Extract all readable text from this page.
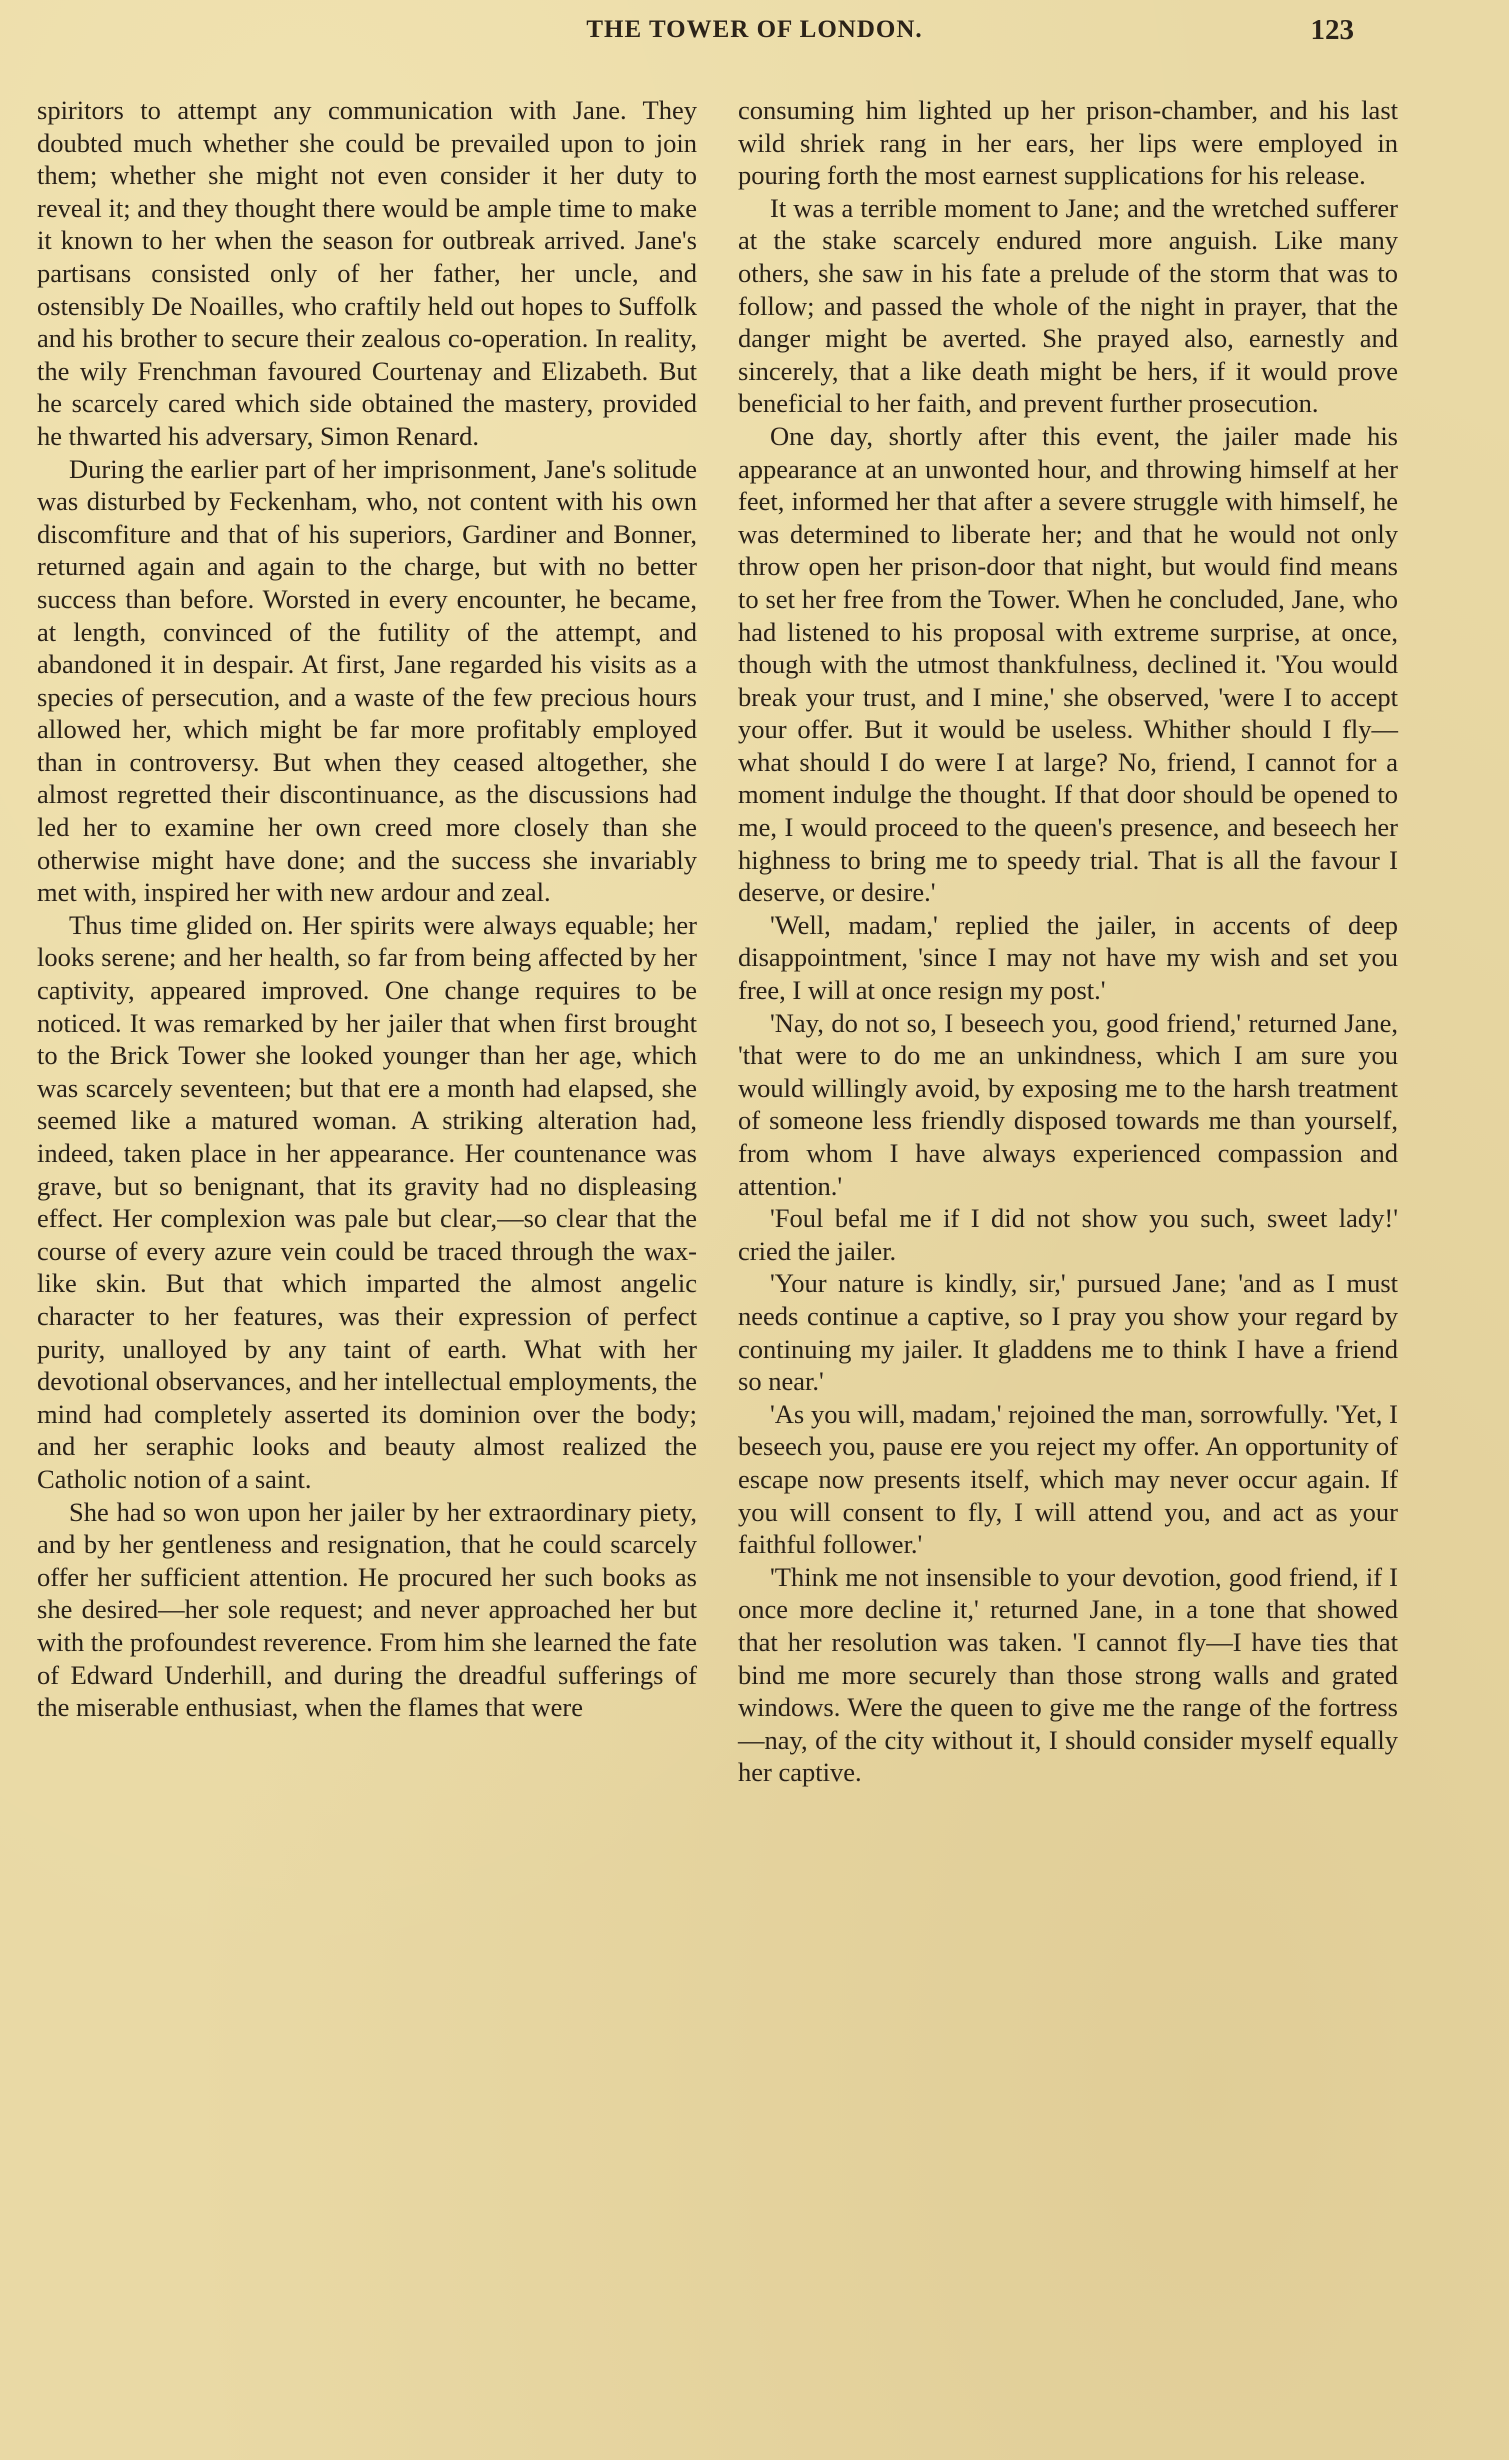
THE TOWER OF LONDON.	123

spiritors to attempt any communication with Jane. They doubted much whether she could be prevailed upon to join them; whether she might not even consider it her duty to reveal it; and they thought there would be ample time to make it known to her when the season for outbreak arrived. Jane's partisans consisted only of her father, her uncle, and ostensibly De Noailles, who craftily held out hopes to Suffolk and his brother to secure their zealous co-operation. In reality, the wily Frenchman favoured Courtenay and Elizabeth. But he scarcely cared which side obtained the mastery, provided he thwarted his adversary, Simon Renard.

During the earlier part of her imprisonment, Jane's solitude was disturbed by Feckenham, who, not content with his own discomfiture and that of his superiors, Gardiner and Bonner, returned again and again to the charge, but with no better success than before. Worsted in every encounter, he became, at length, convinced of the futility of the attempt, and abandoned it in despair. At first, Jane regarded his visits as a species of persecution, and a waste of the few precious hours allowed her, which might be far more profitably employed than in controversy. But when they ceased altogether, she almost regretted their discontinuance, as the discussions had led her to examine her own creed more closely than she otherwise might have done; and the success she invariably met with, inspired her with new ardour and zeal.

Thus time glided on. Her spirits were always equable; her looks serene; and her health, so far from being affected by her captivity, appeared improved. One change requires to be noticed. It was remarked by her jailer that when first brought to the Brick Tower she looked younger than her age, which was scarcely seventeen; but that ere a month had elapsed, she seemed like a matured woman. A striking alteration had, indeed, taken place in her appearance. Her countenance was grave, but so benignant, that its gravity had no displeasing effect. Her complexion was pale but clear,—so clear that the course of every azure vein could be traced through the wax-like skin. But that which imparted the almost angelic character to her features, was their expression of perfect purity, unalloyed by any taint of earth. What with her devotional observances, and her intellectual employments, the mind had completely asserted its dominion over the body; and her seraphic looks and beauty almost realized the Catholic notion of a saint.

She had so won upon her jailer by her extraordinary piety, and by her gentleness and resignation, that he could scarcely offer her sufficient attention. He procured her such books as she desired—her sole request; and never approached her but with the profoundest reverence. From him she learned the fate of Edward Underhill, and during the dreadful sufferings of the miserable enthusiast, when the flames that were

consuming him lighted up her prison-chamber, and his last wild shriek rang in her ears, her lips were employed in pouring forth the most earnest supplications for his release.

It was a terrible moment to Jane; and the wretched sufferer at the stake scarcely endured more anguish. Like many others, she saw in his fate a prelude of the storm that was to follow; and passed the whole of the night in prayer, that the danger might be averted. She prayed also, earnestly and sincerely, that a like death might be hers, if it would prove beneficial to her faith, and prevent further prosecution.

One day, shortly after this event, the jailer made his appearance at an unwonted hour, and throwing himself at her feet, informed her that after a severe struggle with himself, he was determined to liberate her; and that he would not only throw open her prison-door that night, but would find means to set her free from the Tower. When he concluded, Jane, who had listened to his proposal with extreme surprise, at once, though with the utmost thankfulness, declined it. 'You would break your trust, and I mine,' she observed, 'were I to accept your offer. But it would be useless. Whither should I fly—what should I do were I at large? No, friend, I cannot for a moment indulge the thought. If that door should be opened to me, I would proceed to the queen's presence, and beseech her highness to bring me to speedy trial. That is all the favour I deserve, or desire.'

'Well, madam,' replied the jailer, in accents of deep disappointment, 'since I may not have my wish and set you free, I will at once resign my post.'

'Nay, do not so, I beseech you, good friend,' returned Jane, 'that were to do me an unkindness, which I am sure you would willingly avoid, by exposing me to the harsh treatment of someone less friendly disposed towards me than yourself, from whom I have always experienced compassion and attention.'

'Foul befal me if I did not show you such, sweet lady!' cried the jailer.

'Your nature is kindly, sir,' pursued Jane; 'and as I must needs continue a captive, so I pray you show your regard by continuing my jailer. It gladdens me to think I have a friend so near.'

'As you will, madam,' rejoined the man, sorrowfully. 'Yet, I beseech you, pause ere you reject my offer. An opportunity of escape now presents itself, which may never occur again. If you will consent to fly, I will attend you, and act as your faithful follower.'

'Think me not insensible to your devotion, good friend, if I once more decline it,' returned Jane, in a tone that showed that her resolution was taken. 'I cannot fly—I have ties that bind me more securely than those strong walls and grated windows. Were the queen to give me the range of the fortress—nay, of the city without it, I should consider myself equally her captive.
